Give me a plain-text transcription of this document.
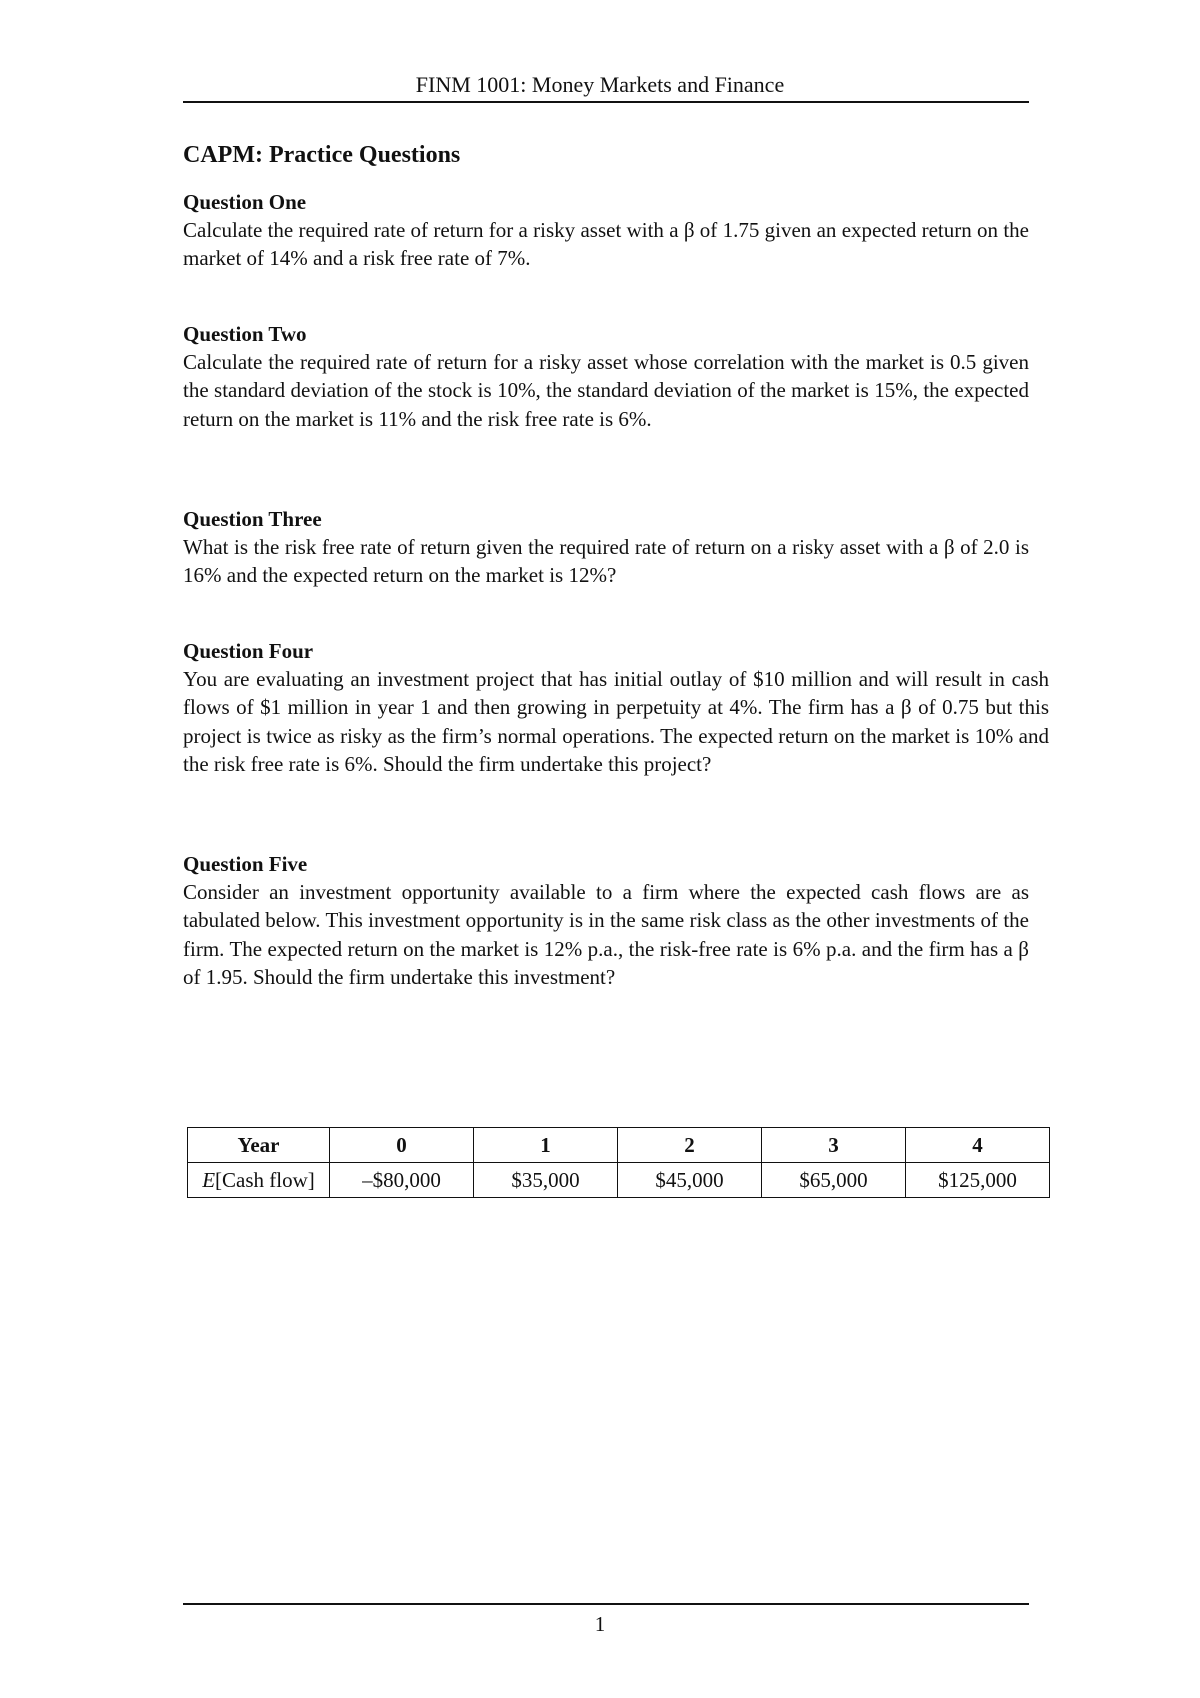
FINM 1001: Money Markets and Finance
CAPM: Practice Questions
Question One
Calculate the required rate of return for a risky asset with a β of 1.75 given an expected return on the market of 14% and a risk free rate of 7%.
Question Two
Calculate the required rate of return for a risky asset whose correlation with the market is 0.5 given the standard deviation of the stock is 10%, the standard deviation of the market is 15%, the expected return on the market is 11% and the risk free rate is 6%.
Question Three
What is the risk free rate of return given the required rate of return on a risky asset with a β of 2.0 is 16% and the expected return on the market is 12%?
Question Four
You are evaluating an investment project that has initial outlay of $10 million and will result in cash flows of $1 million in year 1 and then growing in perpetuity at 4%. The firm has a β of 0.75 but this project is twice as risky as the firm’s normal operations. The expected return on the market is 10% and the risk free rate is 6%. Should the firm undertake this project?
Question Five
Consider an investment opportunity available to a firm where the expected cash flows are as tabulated below. This investment opportunity is in the same risk class as the other investments of the firm. The expected return on the market is 12% p.a., the risk-free rate is 6% p.a. and the firm has a β of 1.95. Should the firm undertake this investment?
Year	0	1	2	3	4
E[Cash flow]	–$80,000	$35,000	$45,000	$65,000	$125,000
1
